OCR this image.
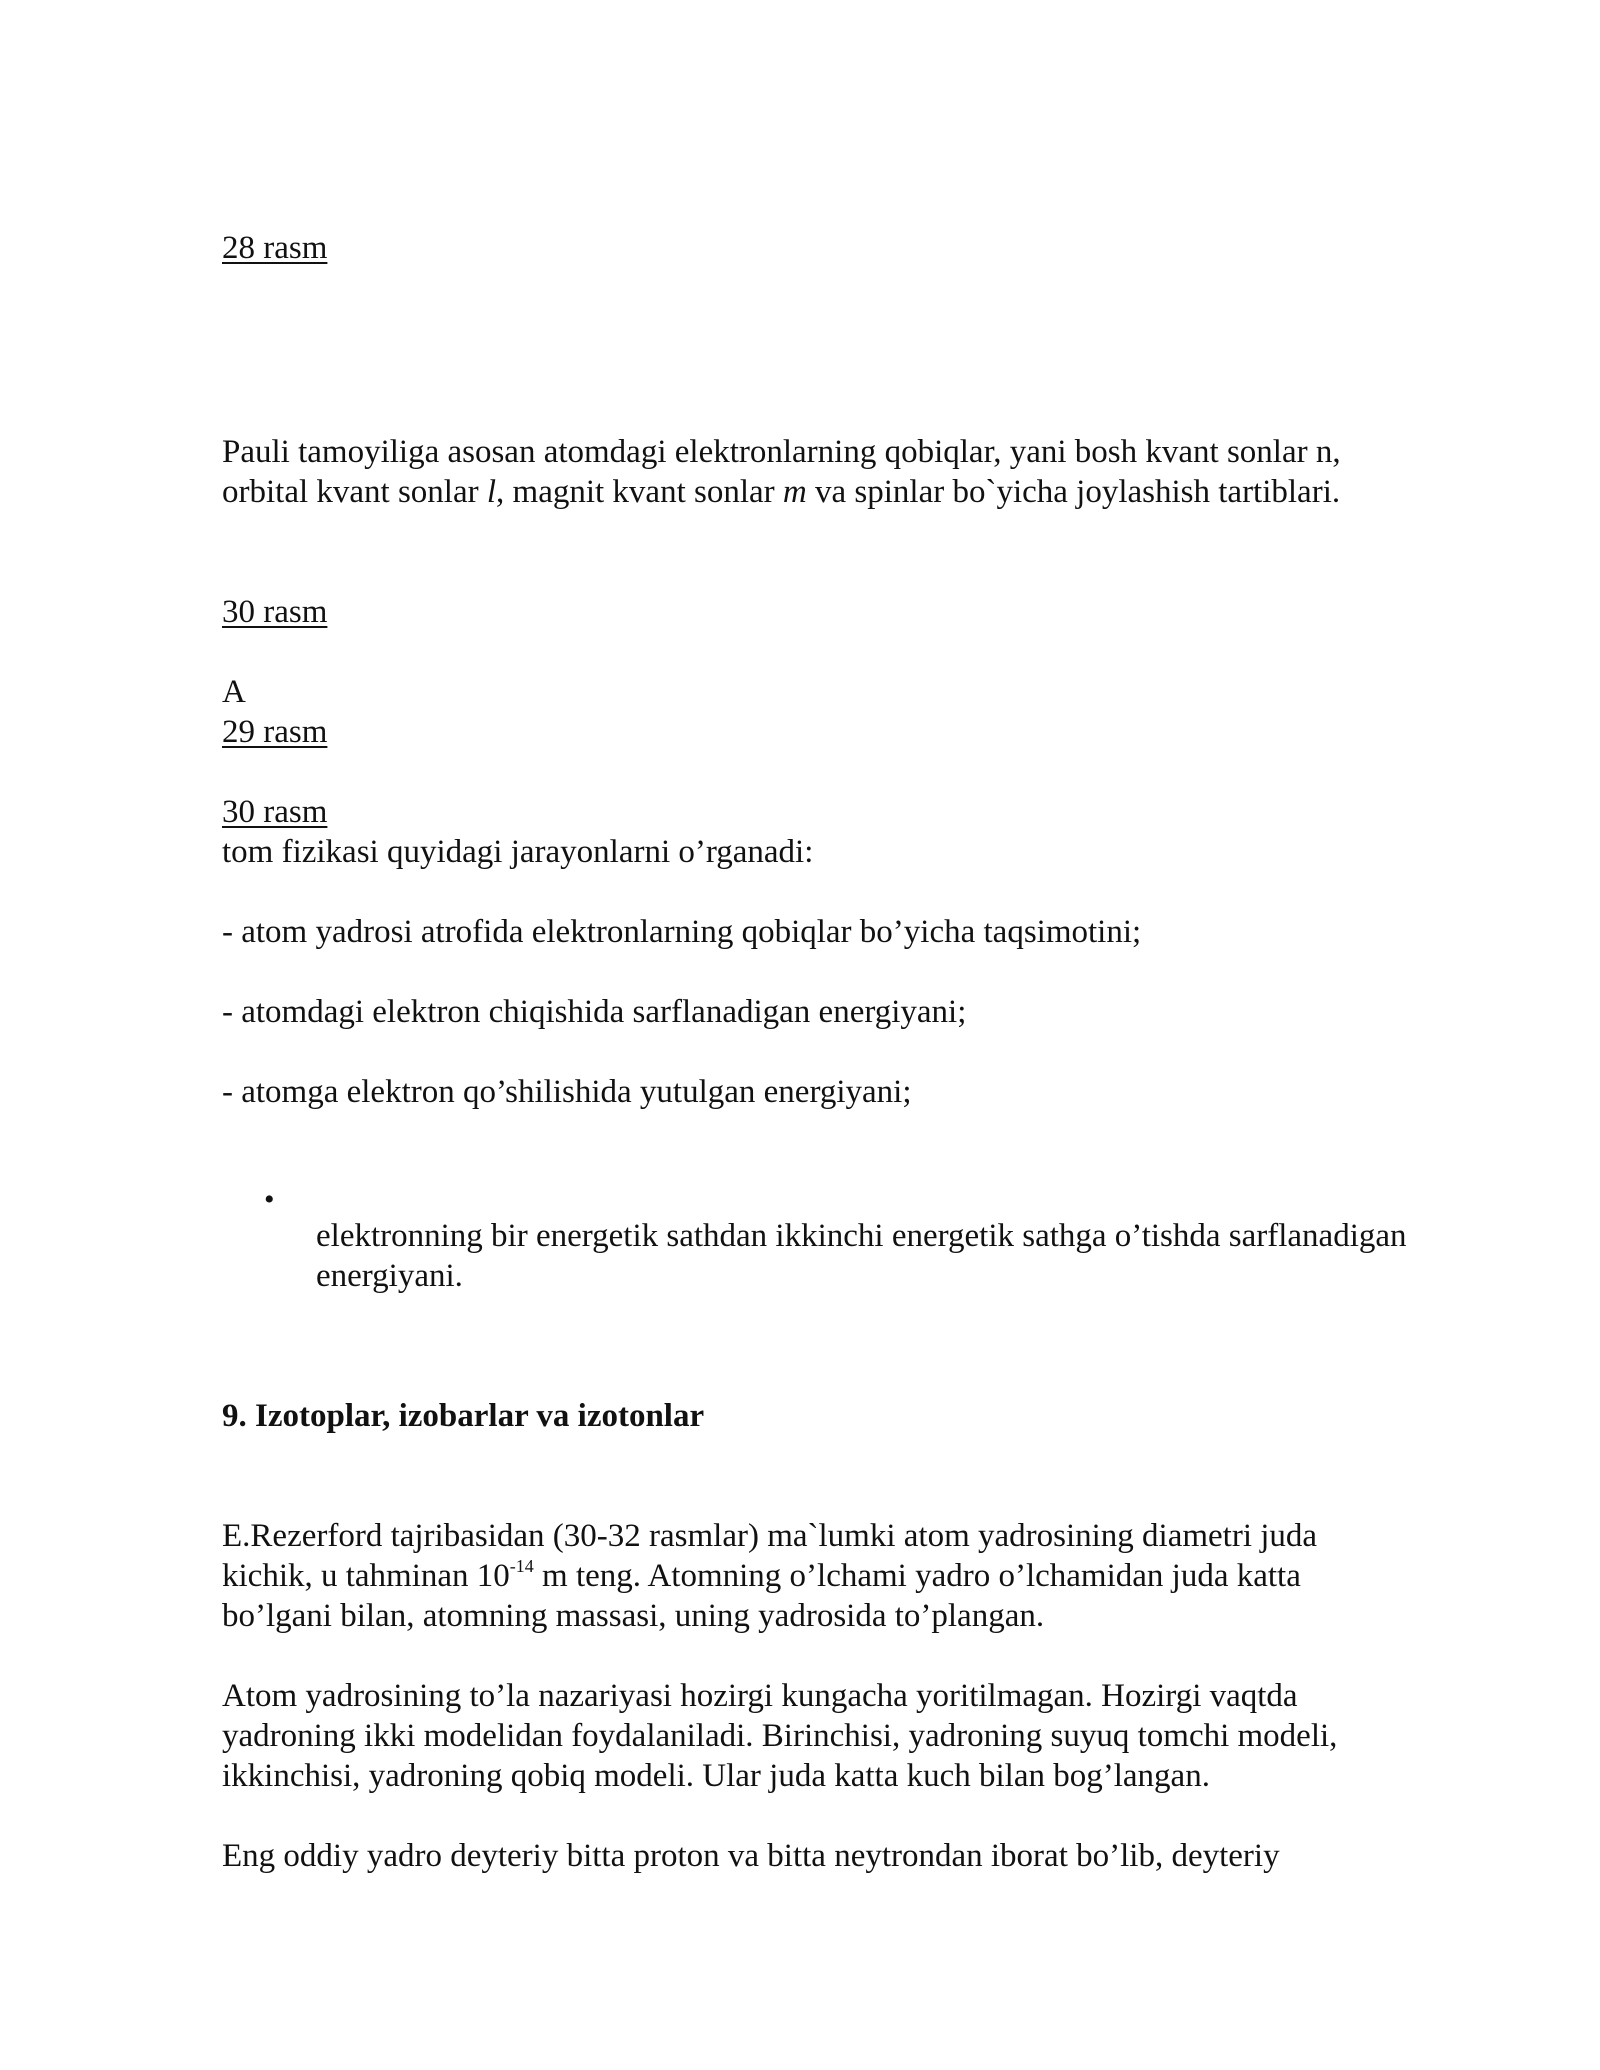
28 rasm
Pauli tamoyiliga asosan atomdagi elektronlarning qobiqlar, yani bosh kvant sonlar n,
orbital kvant sonlar l, magnit kvant sonlar m va spinlar bo`yicha joylashish tartiblari.
30 rasm
A
29 rasm
30 rasm
tom fizikasi quyidagi jarayonlarni o’rganadi:
- atom yadrosi atrofida elektronlarning qobiqlar bo’yicha taqsimotini;
- atomdagi elektron chiqishida sarflanadigan energiyani;
- atomga elektron qo’shilishida yutulgan energiyani;
•
elektronning bir energetik sathdan ikkinchi energetik sathga o’tishda sarflanadigan energiyani.
9. Izotoplar, izobarlar va izotonlar
E.Rezerford tajribasidan (30-32 rasmlar) ma`lumki atom yadrosining diametri juda
kichik, u tahminan $10^{-14}$ m teng. Atomning o’lchami yadro o’lchamidan juda katta
bo’lgani bilan, atomning massasi, uning yadrosida to’plangan.
Atom yadrosining to’la nazariyasi hozirgi kungacha yoritilmagan. Hozirgi vaqtda
yadroning ikki modelidan foydalaniladi. Birinchisi, yadroning suyuq tomchi modeli,
ikkinchisi, yadroning qobiq modeli. Ular juda katta kuch bilan bog’langan.
Eng oddiy yadro deyteriy bitta proton va bitta neytrondan iborat bo’lib, deyteriy
